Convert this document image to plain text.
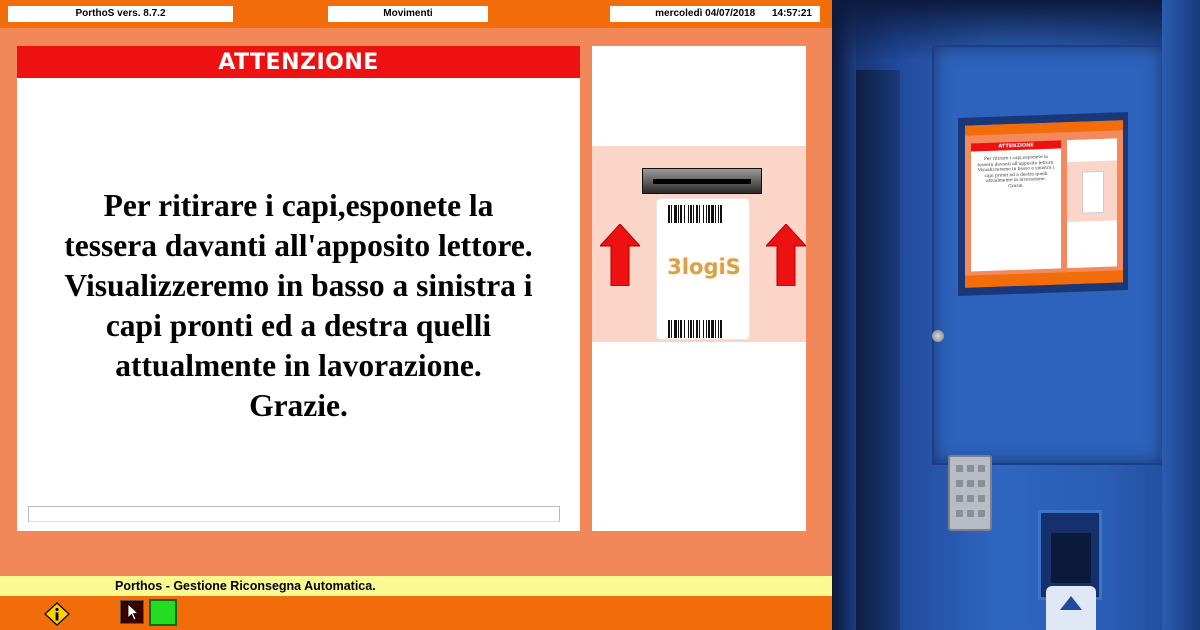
PorthoS vers. 8.7.2	Movimenti	mercoledì 04/07/2018 14:57:21
ATTENZIONE
Per ritirare i capi,esponete la
tessera davanti all'apposito lettore.
Visualizzeremo in basso a sinistra i
capi pronti ed a destra quelli
attualmente in lavorazione.
Grazie.
3logiS
Porthos - Gestione Riconsegna Automatica.
ATTENZIONE
Per ritirare i capi,esponete la
tessera davanti all'apposito lettore.
Visualizzeremo in basso a sinistra i
capi pronti ed a destra quelli
attualmente in lavorazione.
Grazie.
